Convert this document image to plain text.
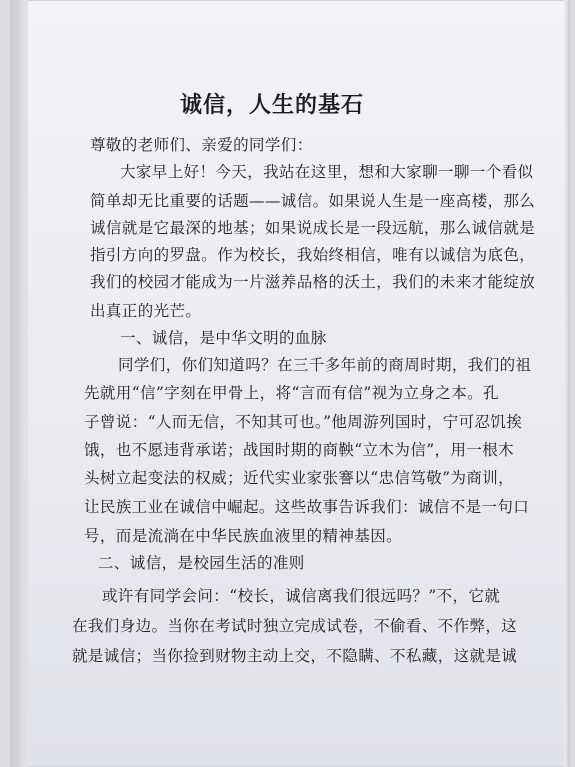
诚信，人生的基石
尊敬的老师们、亲爱的同学们：
大家早上好！今天，我站在这里，想和大家聊一聊一个看似
简单却无比重要的话题——诚信。如果说人生是一座高楼，那么
诚信就是它最深的地基；如果说成长是一段远航，那么诚信就是
指引方向的罗盘。作为校长，我始终相信，唯有以诚信为底色，
我们的校园才能成为一片滋养品格的沃土，我们的未来才能绽放
出真正的光芒。
一、诚信，是中华文明的血脉
同学们，你们知道吗？在三千多年前的商周时期，我们的祖
先就用“信”字刻在甲骨上，将“言而有信”视为立身之本。孔
子曾说：“人而无信，不知其可也。”他周游列国时，宁可忍饥挨
饿，也不愿违背承诺；战国时期的商鞅“立木为信”，用一根木
头树立起变法的权威；近代实业家张謇以“忠信笃敬”为商训，
让民族工业在诚信中崛起。这些故事告诉我们：诚信不是一句口
号，而是流淌在中华民族血液里的精神基因。
二、诚信，是校园生活的准则
或许有同学会问：“校长，诚信离我们很远吗？”不，它就
在我们身边。当你在考试时独立完成试卷，不偷看、不作弊，这
就是诚信；当你捡到财物主动上交，不隐瞒、不私藏，这就是诚
